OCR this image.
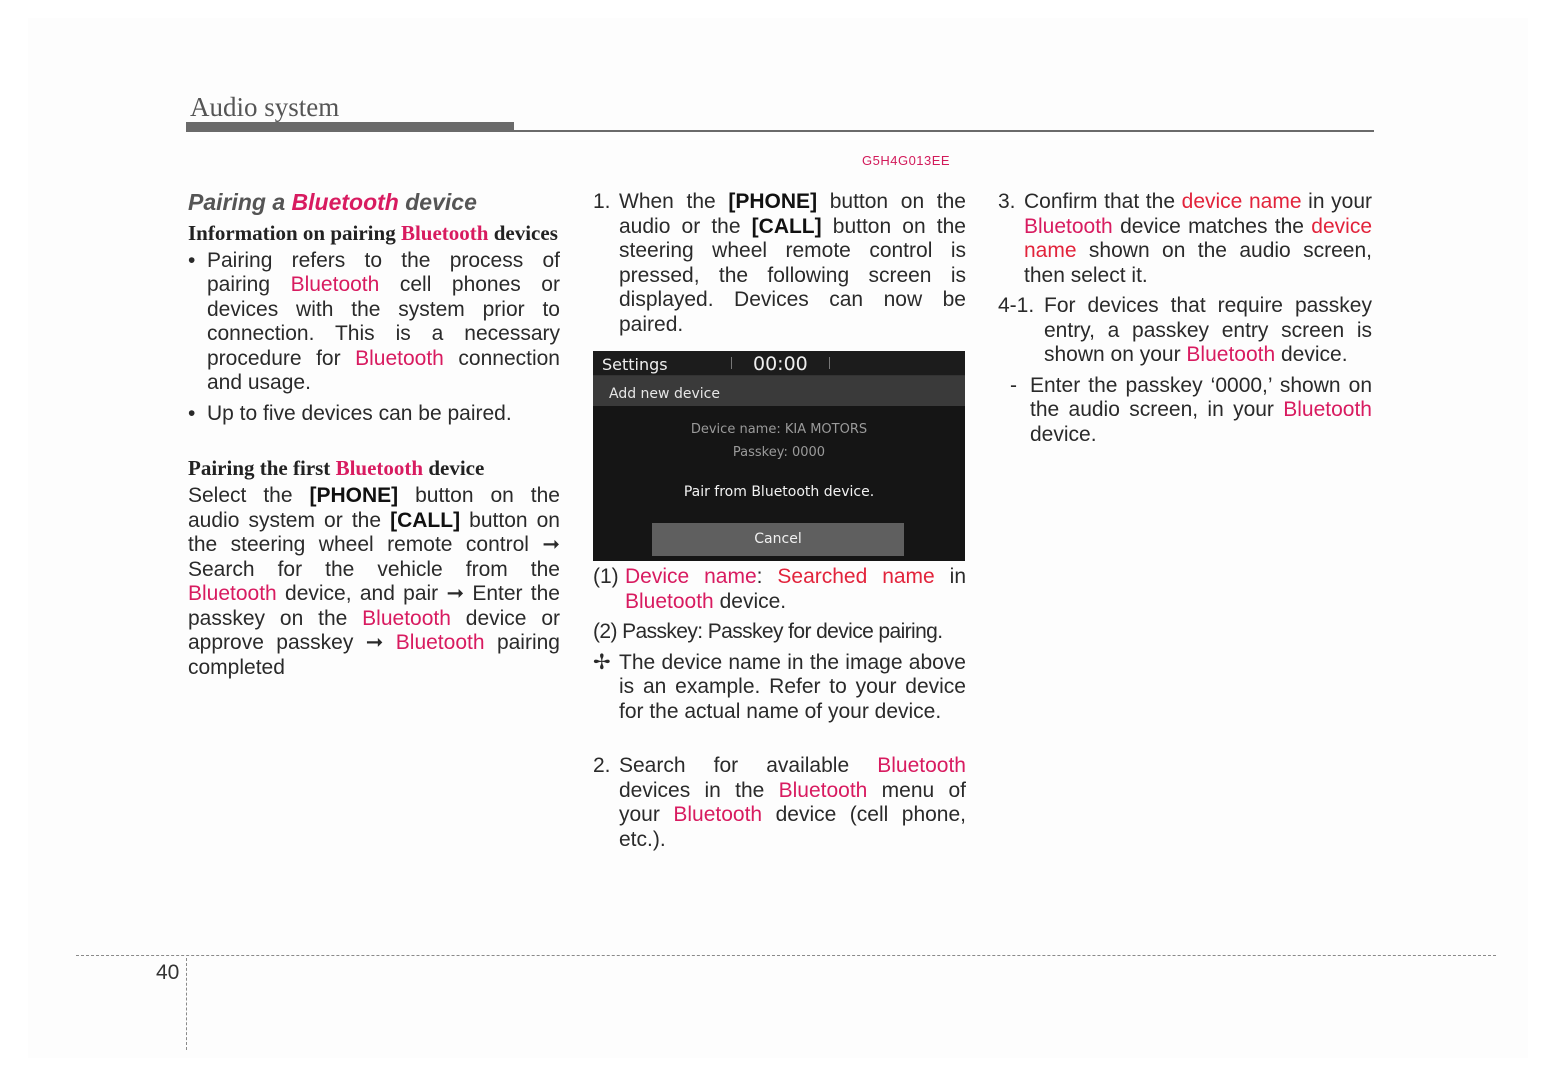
Audio system
G5H4G013EE
Pairing a Bluetooth device
Information on pairing Bluetooth devices
• Pairing refers to the process of pairing Bluetooth cell phones or devices with the system prior to connection. This is a necessary procedure for Bluetooth connection and usage.
• Up to five devices can be paired.
Pairing the first Bluetooth device
Select the [PHONE] button on the audio system or the [CALL] button on the steering wheel remote control ➞ Search for the vehicle from the Bluetooth device, and pair ➞ Enter the passkey on the Bluetooth device or approve passkey ➞ Bluetooth pairing completed
1. When the [PHONE] button on the audio or the [CALL] button on the steering wheel remote control is pressed, the following screen is displayed. Devices can now be paired.
Settings	00:00
Add new device
Device name: KIA MOTORS
Passkey: 0000
Pair from Bluetooth device.
Cancel
(1) Device name: Searched name in Bluetooth device.
(2) Passkey: Passkey for device pairing.
✢ The device name in the image above is an example. Refer to your device for the actual name of your device.
2. Search for available Bluetooth devices in the Bluetooth menu of your Bluetooth device (cell phone, etc.).
3. Confirm that the device name in your Bluetooth device matches the device name shown on the audio screen, then select it.
4-1. For devices that require passkey entry, a passkey entry screen is shown on your Bluetooth device.
- Enter the passkey ‘0000,’ shown on the audio screen, in your Bluetooth device.
40
